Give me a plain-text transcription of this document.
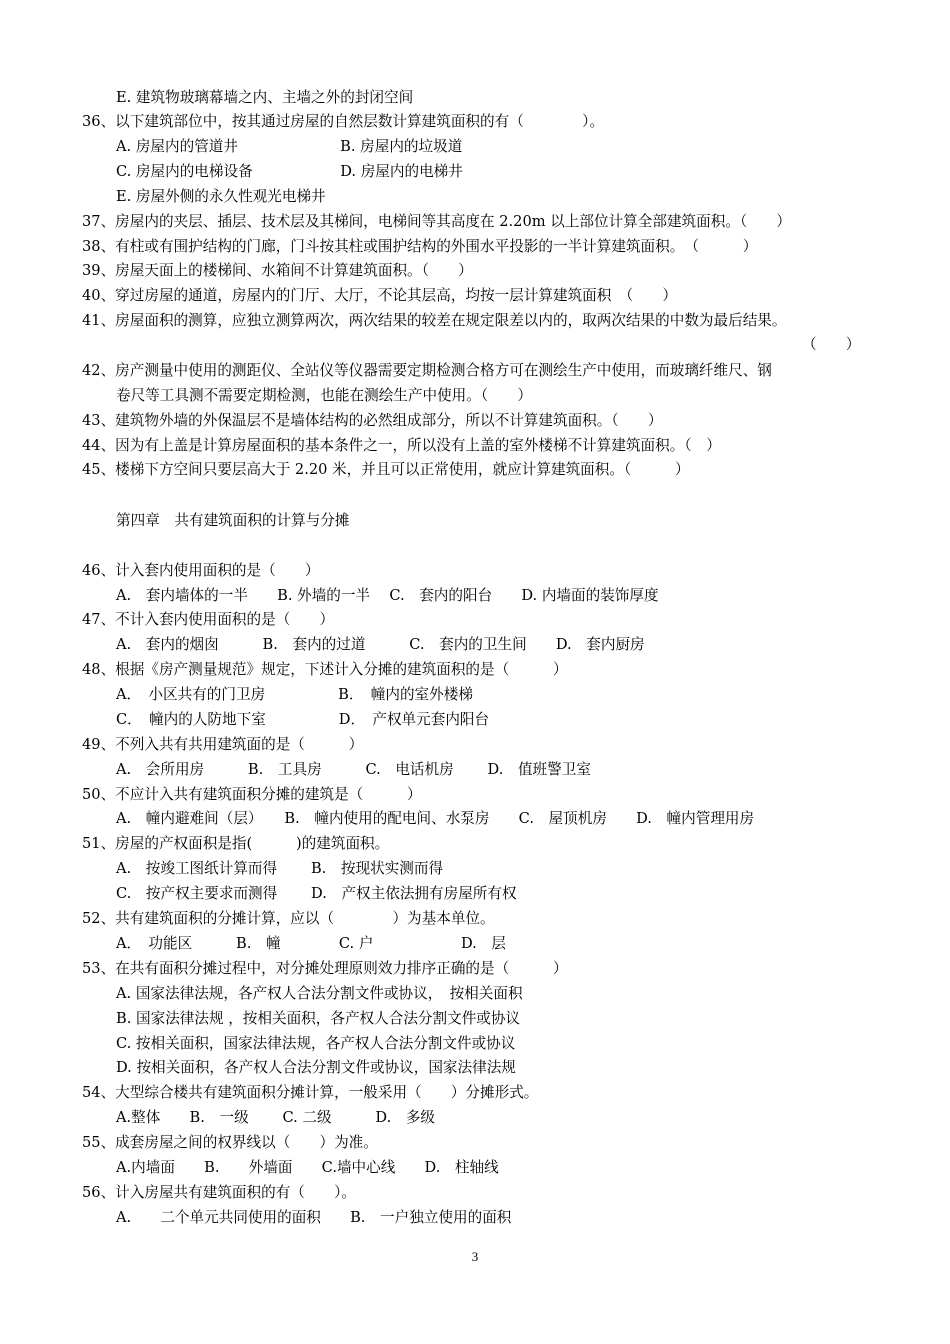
E. 建筑物玻璃幕墙之内、主墙之外的封闭空间
36、以下建筑部位中，按其通过房屋的自然层数计算建筑面积的有（　　　　）。
A. 房屋内的管道井　　　　　　　B. 房屋内的垃圾道
C. 房屋内的电梯设备　　　　　　D. 房屋内的电梯井
E. 房屋外侧的永久性观光电梯井
37、房屋内的夹层、插层、技术层及其梯间，电梯间等其高度在 2.20m 以上部位计算全部建筑面积。（　　）
38、有柱或有围护结构的门廊，门斗按其柱或围护结构的外围水平投影的一半计算建筑面积。　（　　　）
39、房屋天面上的楼梯间、水箱间不计算建筑面积。（　　）
40、穿过房屋的通道，房屋内的门厅、大厅，不论其层高，均按一层计算建筑面积　（　　）
41、房屋面积的测算，应独立测算两次，两次结果的较差在规定限差以内的，取两次结果的中数为最后结果。
（　　）
42、房产测量中使用的测距仪、全站仪等仪器需要定期检测合格方可在测绘生产中使用，而玻璃纤维尺、钢
卷尺等工具测不需要定期检测，也能在测绘生产中使用。（　　）
43、建筑物外墙的外保温层不是墙体结构的必然组成部分，所以不计算建筑面积。（　　）
44、因为有上盖是计算房屋面积的基本条件之一，所以没有上盖的室外楼梯不计算建筑面积。（　）
45、楼梯下方空间只要层高大于 2.20 米，并且可以正常使用，就应计算建筑面积。（　　　）
第四章　共有建筑面积的计算与分摊
46、计入套内使用面积的是（　　）
A.　套内墙体的一半　　B. 外墙的一半　 C.　套内的阳台　　D. 内墙面的装饰厚度
47、不计入套内使用面积的是（　　）
A.　套内的烟囱　　　B.　套内的过道　　　C.　套内的卫生间　　D.　套内厨房
48、根据《房产测量规范》规定，下述计入分摊的建筑面积的是（　　　）
A．　小区共有的门卫房　　　　　B．　幢内的室外楼梯
C．　幢内的人防地下室　　　　　D．　产权单元套内阳台
49、不列入共有共用建筑面的是（　　　）
A.　会所用房　　　B.　工具房　　　C.　电话机房　　 D.　值班警卫室
50、不应计入共有建筑面积分摊的建筑是（　　　）
A.　幢内避难间（层）　　B.　幢内使用的配电间、水泵房　　C.　屋顶机房　　D.　幢内管理用房
51、房屋的产权面积是指(　　　)的建筑面积。
A.　按竣工图纸计算而得　　 B.　按现状实测而得
C.　按产权主要求而测得　　 D.　产权主依法拥有房屋所有权
52、共有建筑面积的分摊计算，应以（　　　　）为基本单位。
A．　功能区　　　B.　幢　　　　C. 户　　　　　　D.　层
53、在共有面积分摊过程中，对分摊处理原则效力排序正确的是（　　　）
A. 国家法律法规，各产权人合法分割文件或协议，　按相关面积
B. 国家法律法规 ，按相关面积，各产权人合法分割文件或协议
C. 按相关面积，国家法律法规，各产权人合法分割文件或协议
D. 按相关面积，各产权人合法分割文件或协议，国家法律法规
54、大型综合楼共有建筑面积分摊计算，一般采用（　　）分摊形式。
A.整体　　B.　一级　　 C. 二级　　　D.　多级
55、成套房屋之间的权界线以（　　）为准。
A.内墙面　　B.　　外墙面　　C.墙中心线　　D.　柱轴线
56、计入房屋共有建筑面积的有（　　）。
A.　　二个单元共同使用的面积　　B.　一户独立使用的面积
3
